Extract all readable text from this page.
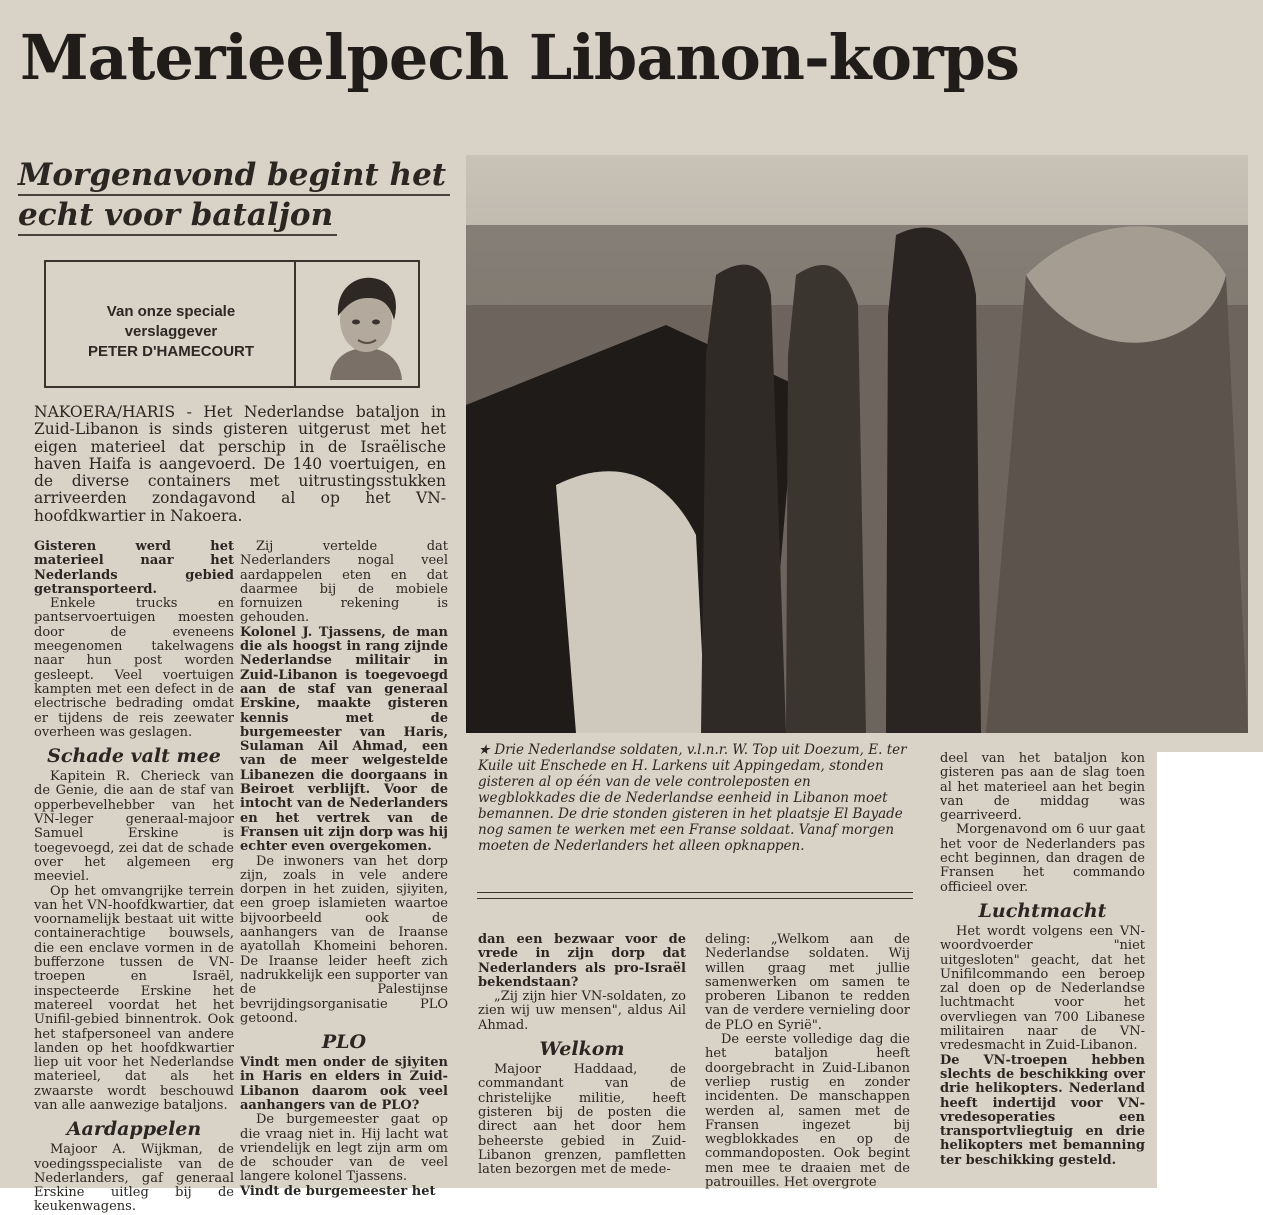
Materieelpech Libanon-korps
Morgenavond begint het
echt voor bataljon
Van onze speciale
verslaggever
PETER D'HAMECOURT

NAKOERA/HARIS - Het Nederlandse bataljon in Zuid-Libanon is sinds gisteren uitgerust met het eigen materieel dat perschip in de Israëlische haven Haifa is aangevoerd. De 140 voertuigen, en de diverse containers met uitrustingsstukken arriveerden zondagavond al op het VN-hoofdkwartier in Nakoera.

Gisteren werd het materieel naar het Nederlands gebied getransporteerd.

Enkele trucks en pantservoertuigen moesten door de eveneens meegenomen takelwagens naar hun post worden gesleept. Veel voertuigen kampten met een defect in de electrische bedrading omdat er tijdens de reis zeewater overheen was geslagen.

Schade valt mee

Kapitein R. Cherieck van de Genie, die aan de staf van opperbevelhebber van het VN-leger generaal-majoor Samuel Erskine is toegevoegd, zei dat de schade over het algemeen erg meeviel.

Op het omvangrijke terrein van het VN-hoofdkwartier, dat voornamelijk bestaat uit witte containerachtige bouwsels, die een enclave vormen in de bufferzone tussen de VN-troepen en Israël, inspecteerde Erskine het matereel voordat het het Unifil-gebied binnentrok. Ook het stafpersoneel van andere landen op het hoofdkwartier liep uit voor het Nederlandse materieel, dat als het zwaarste wordt beschouwd van alle aanwezige bataljons.

Aardappelen

Majoor A. Wijkman, de voedingsspecialiste van de Nederlanders, gaf generaal Erskine uitleg bij de keukenwagens.

Zij vertelde dat Nederlanders nogal veel aardappelen eten en dat daarmee bij de mobiele fornuizen rekening is gehouden.

Kolonel J. Tjassens, de man die als hoogst in rang zijnde Nederlandse militair in Zuid-Libanon is toegevoegd aan de staf van generaal Erskine, maakte gisteren kennis met de burgemeester van Haris, Sulaman Ail Ahmad, een van de meer welgestelde Libanezen die doorgaans in Beiroet verblijft. Voor de intocht van de Nederlanders en het vertrek van de Fransen uit zijn dorp was hij echter even overgekomen.

De inwoners van het dorp zijn, zoals in vele andere dorpen in het zuiden, sjiyiten, een groep islamieten waartoe bijvoorbeeld ook de aanhangers van de Iraanse ayatollah Khomeini behoren. De Iraanse leider heeft zich nadrukkelijk een supporter van de Palestijnse bevrijdingsorganisatie PLO getoond.

PLO

Vindt men onder de sjiyiten in Haris en elders in Zuid-Libanon daarom ook veel aanhangers van de PLO?

De burgemeester gaat op die vraag niet in. Hij lacht wat vriendelijk en legt zijn arm om de schouder van de veel langere kolonel Tjassens.

Vindt de burgemeester het

★ Drie Nederlandse soldaten, v.l.n.r. W. Top uit Doezum, E. ter Kuile uit Enschede en H. Larkens uit Appingedam, stonden gisteren al op één van de vele controleposten en wegblokkades die de Nederlandse eenheid in Libanon moet bemannen. De drie stonden gisteren in het plaatsje El Bayade nog samen te werken met een Franse soldaat. Vanaf morgen moeten de Nederlanders het alleen opknappen.

dan een bezwaar voor de vrede in zijn dorp dat Nederlanders als pro-Israël bekendstaan?

„Zij zijn hier VN-soldaten, zo zien wij uw mensen", aldus Ail Ahmad.

Welkom

Majoor Haddaad, de commandant van de christelijke militie, heeft gisteren bij de posten die direct aan het door hem beheerste gebied in Zuid-Libanon grenzen, pamfletten laten bezorgen met de mede-

deling: „Welkom aan de Nederlandse soldaten. Wij willen graag met jullie samenwerken om samen te proberen Libanon te redden van de verdere vernieling door de PLO en Syrië".

De eerste volledige dag die het bataljon heeft doorgebracht in Zuid-Libanon verliep rustig en zonder incidenten. De manschappen werden al, samen met de Fransen ingezet bij wegblokkades en op de commandoposten. Ook begint men mee te draaien met de patrouilles. Het overgrote

deel van het bataljon kon gisteren pas aan de slag toen al het materieel aan het begin van de middag was gearriveerd.

Morgenavond om 6 uur gaat het voor de Nederlanders pas echt beginnen, dan dragen de Fransen het commando officieel over.

Luchtmacht

Het wordt volgens een VN-woordvoerder "niet uitgesloten" geacht, dat het Unifilcommando een beroep zal doen op de Nederlandse luchtmacht voor het overvliegen van 700 Libanese militairen naar de VN-vredesmacht in Zuid-Libanon.

De VN-troepen hebben slechts de beschikking over drie helikopters. Nederland heeft indertijd voor VN-vredesoperaties een transportvliegtuig en drie helikopters met bemanning ter beschikking gesteld.
